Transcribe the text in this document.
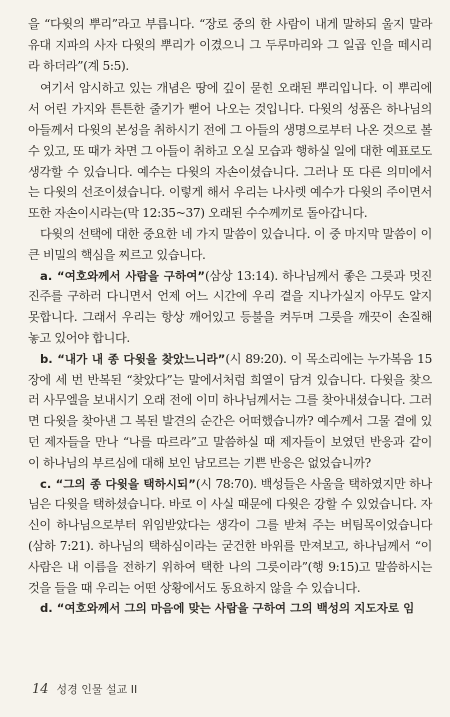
을 “다윗의 뿌리”라고 부릅니다. “장로 중의 한 사람이 내게 말하되 울지 말라 유대 지파의 사자 다윗의 뿌리가 이겼으니 그 두루마리와 그 일곱 인을 떼시리라 하더라”(계 5:5).

여기서 암시하고 있는 개념은 땅에 깊이 묻힌 오래된 뿌리입니다. 이 뿌리에서 어린 가지와 튼튼한 줄기가 뻗어 나오는 것입니다. 다윗의 성품은 하나님의 아들께서 다윗의 본성을 취하시기 전에 그 아들의 생명으로부터 나온 것으로 볼 수 있고, 또 때가 차면 그 아들이 취하고 오실 모습과 행하실 일에 대한 예표로도 생각할 수 있습니다. 예수는 다윗의 자손이셨습니다. 그러나 또 다른 의미에서는 다윗의 선조이셨습니다. 이렇게 해서 우리는 나사렛 예수가 다윗의 주이면서 또한 자손이시라는(막 12:35~37) 오래된 수수께끼로 돌아갑니다.

다윗의 선택에 대한 중요한 네 가지 말씀이 있습니다. 이 중 마지막 말씀이 이 큰 비밀의 핵심을 찌르고 있습니다.

a. “여호와께서 사람을 구하여”(삼상 13:14). 하나님께서 좋은 그릇과 멋진 진주를 구하러 다니면서 언제 어느 시간에 우리 곁을 지나가실지 아무도 알지 못합니다. 그래서 우리는 항상 깨어있고 등불을 켜두며 그릇을 깨끗이 손질해 놓고 있어야 합니다.

b. “내가 내 종 다윗을 찾았느니라”(시 89:20). 이 목소리에는 누가복음 15장에 세 번 반복된 “찾았다”는 말에서처럼 희열이 담겨 있습니다. 다윗을 찾으러 사무엘을 보내시기 오래 전에 이미 하나님께서는 그를 찾아내셨습니다. 그러면 다윗을 찾아낸 그 복된 발견의 순간은 어떠했습니까? 예수께서 그물 곁에 있던 제자들을 만나 “나를 따르라”고 말씀하실 때 제자들이 보였던 반응과 같이 이 하나님의 부르심에 대해 보인 남모르는 기쁜 반응은 없었습니까?

c. “그의 종 다윗을 택하시되”(시 78:70). 백성들은 사울을 택하였지만 하나님은 다윗을 택하셨습니다. 바로 이 사실 때문에 다윗은 강할 수 있었습니다. 자신이 하나님으로부터 위임받았다는 생각이 그를 받쳐 주는 버팀목이었습니다(삼하 7:21). 하나님의 택하심이라는 굳건한 바위를 만져보고, 하나님께서 “이 사람은 내 이름을 전하기 위하여 택한 나의 그릇이라”(행 9:15)고 말씀하시는 것을 들을 때 우리는 어떤 상황에서도 동요하지 않을 수 있습니다.

d. “여호와께서 그의 마음에 맞는 사람을 구하여 그의 백성의 지도자로 임

14 성경 인물 설교 II
